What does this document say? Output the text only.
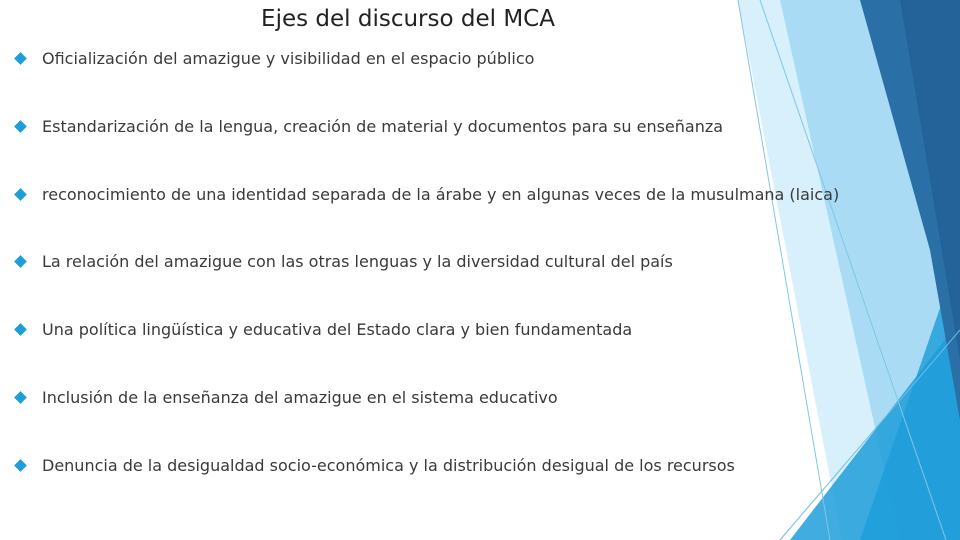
Ejes del discurso del MCA
Oficialización del amazigue y visibilidad en el espacio público
Estandarización de la lengua, creación de material y documentos para su enseñanza
reconocimiento de una identidad separada de la árabe y en algunas veces de la musulmana (laica)
La relación del amazigue con las otras lenguas y la diversidad cultural del país
Una política lingüística y educativa del Estado clara y bien fundamentada
Inclusión de la enseñanza del amazigue en el sistema educativo
Denuncia de la desigualdad socio-económica y la distribución desigual de los recursos
